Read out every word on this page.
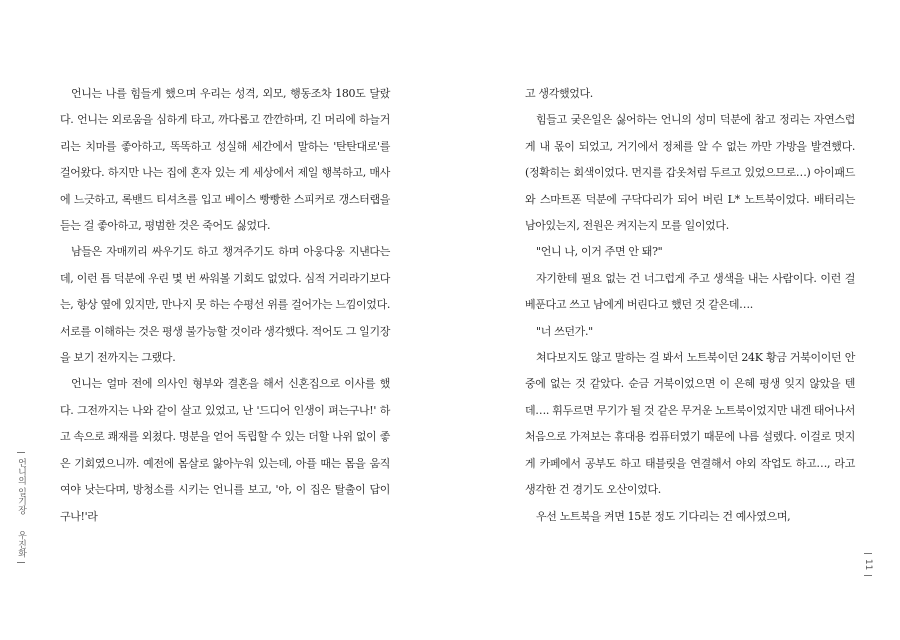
언니의 일기장  우진화

언니는 나를 힘들게 했으며 우리는 성격, 외모, 행동조차 180도 달랐다. 언니는 외로움을 심하게 타고, 까다롭고 깐깐하며, 긴 머리에 하늘거리는 치마를 좋아하고, 똑똑하고 성실해 세간에서 말하는 '탄탄대로'를 걸어왔다. 하지만 나는 집에 혼자 있는 게 세상에서 제일 행복하고, 매사에 느긋하고, 록밴드 티셔츠를 입고 베이스 빵빵한 스피커로 갱스터랩을 듣는 걸 좋아하고, 평범한 것은 죽어도 싫었다.

남들은 자매끼리 싸우기도 하고 챙겨주기도 하며 아웅다웅 지낸다는데, 이런 틈 덕분에 우린 몇 번 싸워볼 기회도 없었다. 심적 거리라기보다는, 항상 옆에 있지만, 만나지 못 하는 수평선 위를 걸어가는 느낌이었다. 서로를 이해하는 것은 평생 불가능할 것이라 생각했다. 적어도 그 일기장을 보기 전까지는 그랬다.

언니는 얼마 전에 의사인 형부와 결혼을 해서 신혼집으로 이사를 했다. 그전까지는 나와 같이 살고 있었고, 난 '드디어 인생이 펴는구나!' 하고 속으로 쾌재를 외쳤다. 명분을 얻어 독립할 수 있는 더할 나위 없이 좋은 기회였으니까. 예전에 몸살로 앓아누워 있는데, 아플 때는 몸을 움직여야 낫는다며, 방청소를 시키는 언니를 보고, '아, 이 집은 탈출이 답이구나!'라

고 생각했었다.

힘들고 궂은일은 싫어하는 언니의 성미 덕분에 참고 정리는 자연스럽게 내 몫이 되었고, 거기에서 정체를 알 수 없는 까만 가방을 발견했다. (정확히는 회색이었다. 먼지를 갑옷처럼 두르고 있었으므로…) 아이패드와 스마트폰 덕분에 구닥다리가 되어 버린 L* 노트북이었다. 배터리는 남아있는지, 전원은 켜지는지 모를 일이었다.

"언니 나, 이거 주면 안 돼?"

자기한테 필요 없는 건 너그럽게 주고 생색을 내는 사람이다. 이런 걸 베푼다고 쓰고 남에게 버린다고 했던 것 같은데….

"너 쓰던가."

쳐다보지도 않고 말하는 걸 봐서 노트북이던 24K 황금 거북이이던 안중에 없는 것 같았다. 순금 거북이었으면 이 은혜 평생 잊지 않았을 텐데…. 휘두르면 무기가 될 것 같은 무거운 노트북이었지만 내겐 태어나서 처음으로 가져보는 휴대용 컴퓨터였기 때문에 나름 설렜다. 이걸로 멋지게 카페에서 공부도 하고 태블릿을 연결해서 야외 작업도 하고…, 라고 생각한 건 경기도 오산이었다.

우선 노트북을 켜면 15분 정도 기다리는 건 예사였으며,

11
